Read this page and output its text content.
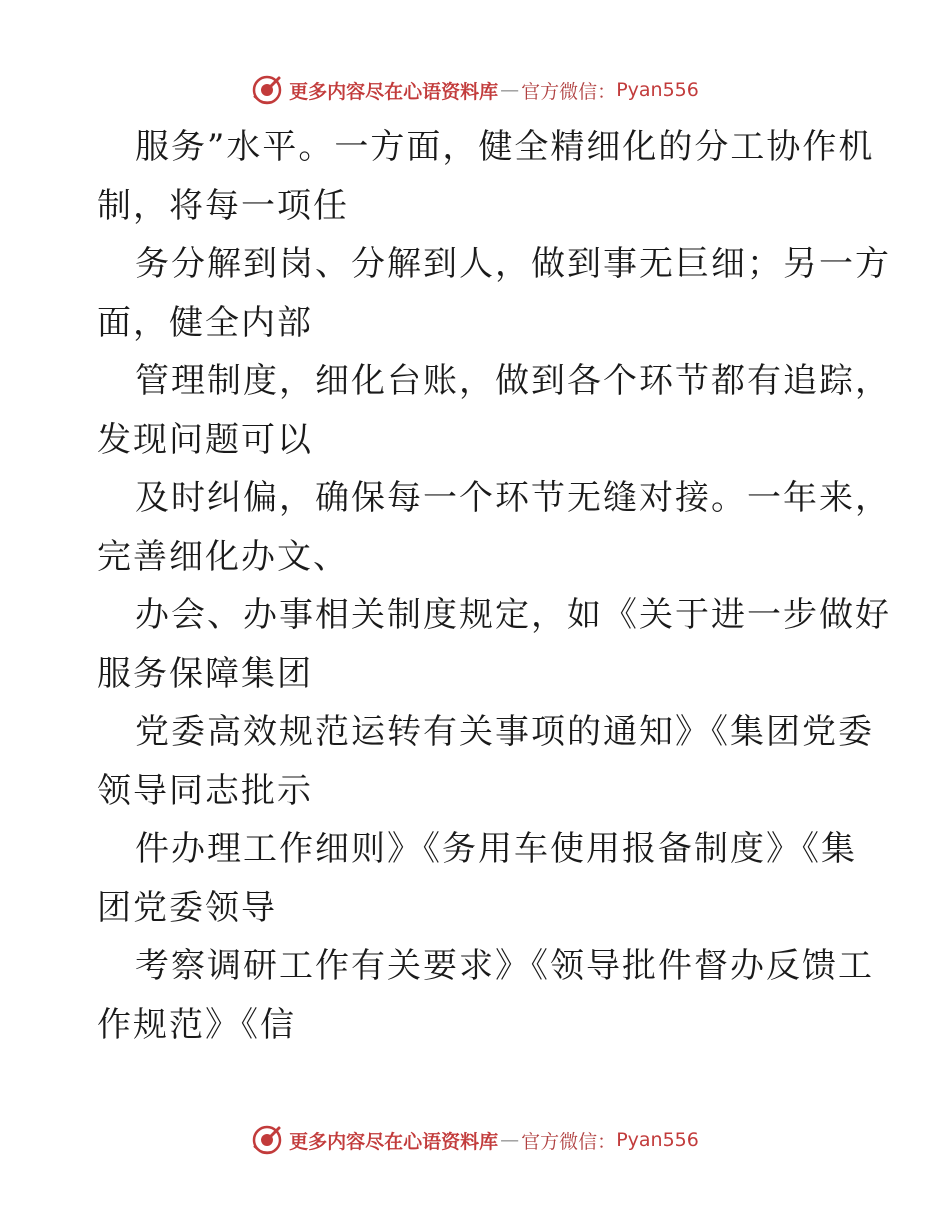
更多内容尽在心语资料库 — 官方微信： Pyan556
服务”水平。一方面，健全精细化的分工协作机
制，将每一项任
务分解到岗、分解到人，做到事无巨细；另一方
面，健全内部
管理制度，细化台账，做到各个环节都有追踪，
发现问题可以
及时纠偏，确保每一个环节无缝对接。一年来，
完善细化办文、
办会、办事相关制度规定，如《关于进一步做好
服务保障集团
党委高效规范运转有关事项的通知》《集团党委
领导同志批示
件办理工作细则》《务用车使用报备制度》《集
团党委领导
考察调研工作有关要求》《领导批件督办反馈工
作规范》《信
更多内容尽在心语资料库 — 官方微信： Pyan556
